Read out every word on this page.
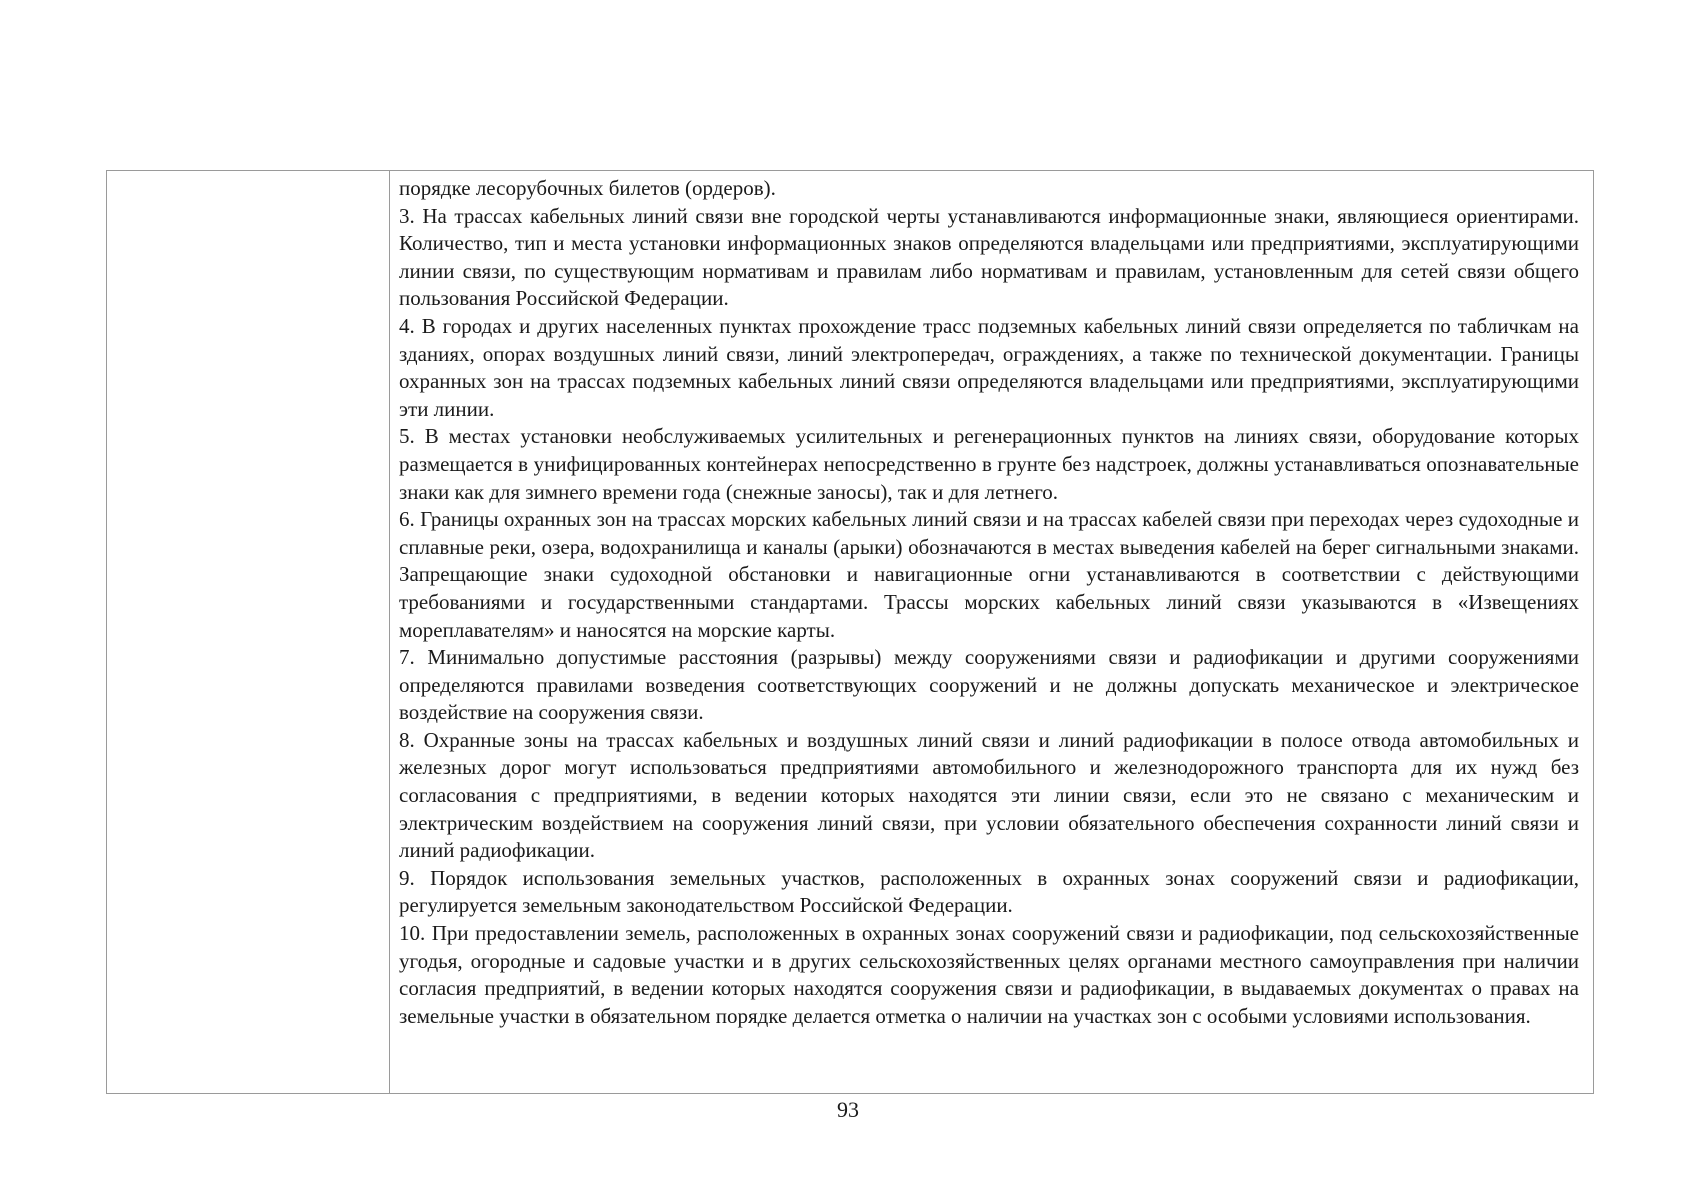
порядке лесорубочных билетов (ордеров).

3. На трассах кабельных линий связи вне городской черты устанавливаются информационные знаки, являющиеся ориентирами. Количество, тип и места установки информационных знаков определяются владельцами или предприятиями, эксплуатирующими линии связи, по существующим нормативам и правилам либо нормативам и правилам, установленным для сетей связи общего пользования Российской Федерации.

4. В городах и других населенных пунктах прохождение трасс подземных кабельных линий связи определяется по табличкам на зданиях, опорах воздушных линий связи, линий электропередач, ограждениях, а также по технической документации. Границы охранных зон на трассах подземных кабельных линий связи определяются владельцами или предприятиями, эксплуатирующими эти линии.

5. В местах установки необслуживаемых усилительных и регенерационных пунктов на линиях связи, оборудование которых размещается в унифицированных контейнерах непосредственно в грунте без надстроек, должны устанавливаться опознавательные знаки как для зимнего времени года (снежные заносы), так и для летнего.

6. Границы охранных зон на трассах морских кабельных линий связи и на трассах кабелей связи при переходах через судоходные и сплавные реки, озера, водохранилища и каналы (арыки) обозначаются в местах выведения кабелей на берег сигнальными знаками. Запрещающие знаки судоходной обстановки и навигационные огни устанавливаются в соответствии с действующими требованиями и государственными стандартами. Трассы морских кабельных линий связи указываются в «Извещениях мореплавателям» и наносятся на морские карты.

7. Минимально допустимые расстояния (разрывы) между сооружениями связи и радиофикации и другими сооружениями определяются правилами возведения соответствующих сооружений и не должны допускать механическое и электрическое воздействие на сооружения связи.

8. Охранные зоны на трассах кабельных и воздушных линий связи и линий радиофикации в полосе отвода автомобильных и железных дорог могут использоваться предприятиями автомобильного и железнодорожного транспорта для их нужд без согласования с предприятиями, в ведении которых находятся эти линии связи, если это не связано с механическим и электрическим воздействием на сооружения линий связи, при условии обязательного обеспечения сохранности линий связи и линий радиофикации.

9. Порядок использования земельных участков, расположенных в охранных зонах сооружений связи и радиофикации, регулируется земельным законодательством Российской Федерации.

10. При предоставлении земель, расположенных в охранных зонах сооружений связи и радиофикации, под сельскохозяйственные угодья, огородные и садовые участки и в других сельскохозяйственных целях органами местного самоуправления при наличии согласия предприятий, в ведении которых находятся сооружения связи и радиофикации, в выдаваемых документах о правах на земельные участки в обязательном порядке делается отметка о наличии на участках зон с особыми условиями использования.

93
